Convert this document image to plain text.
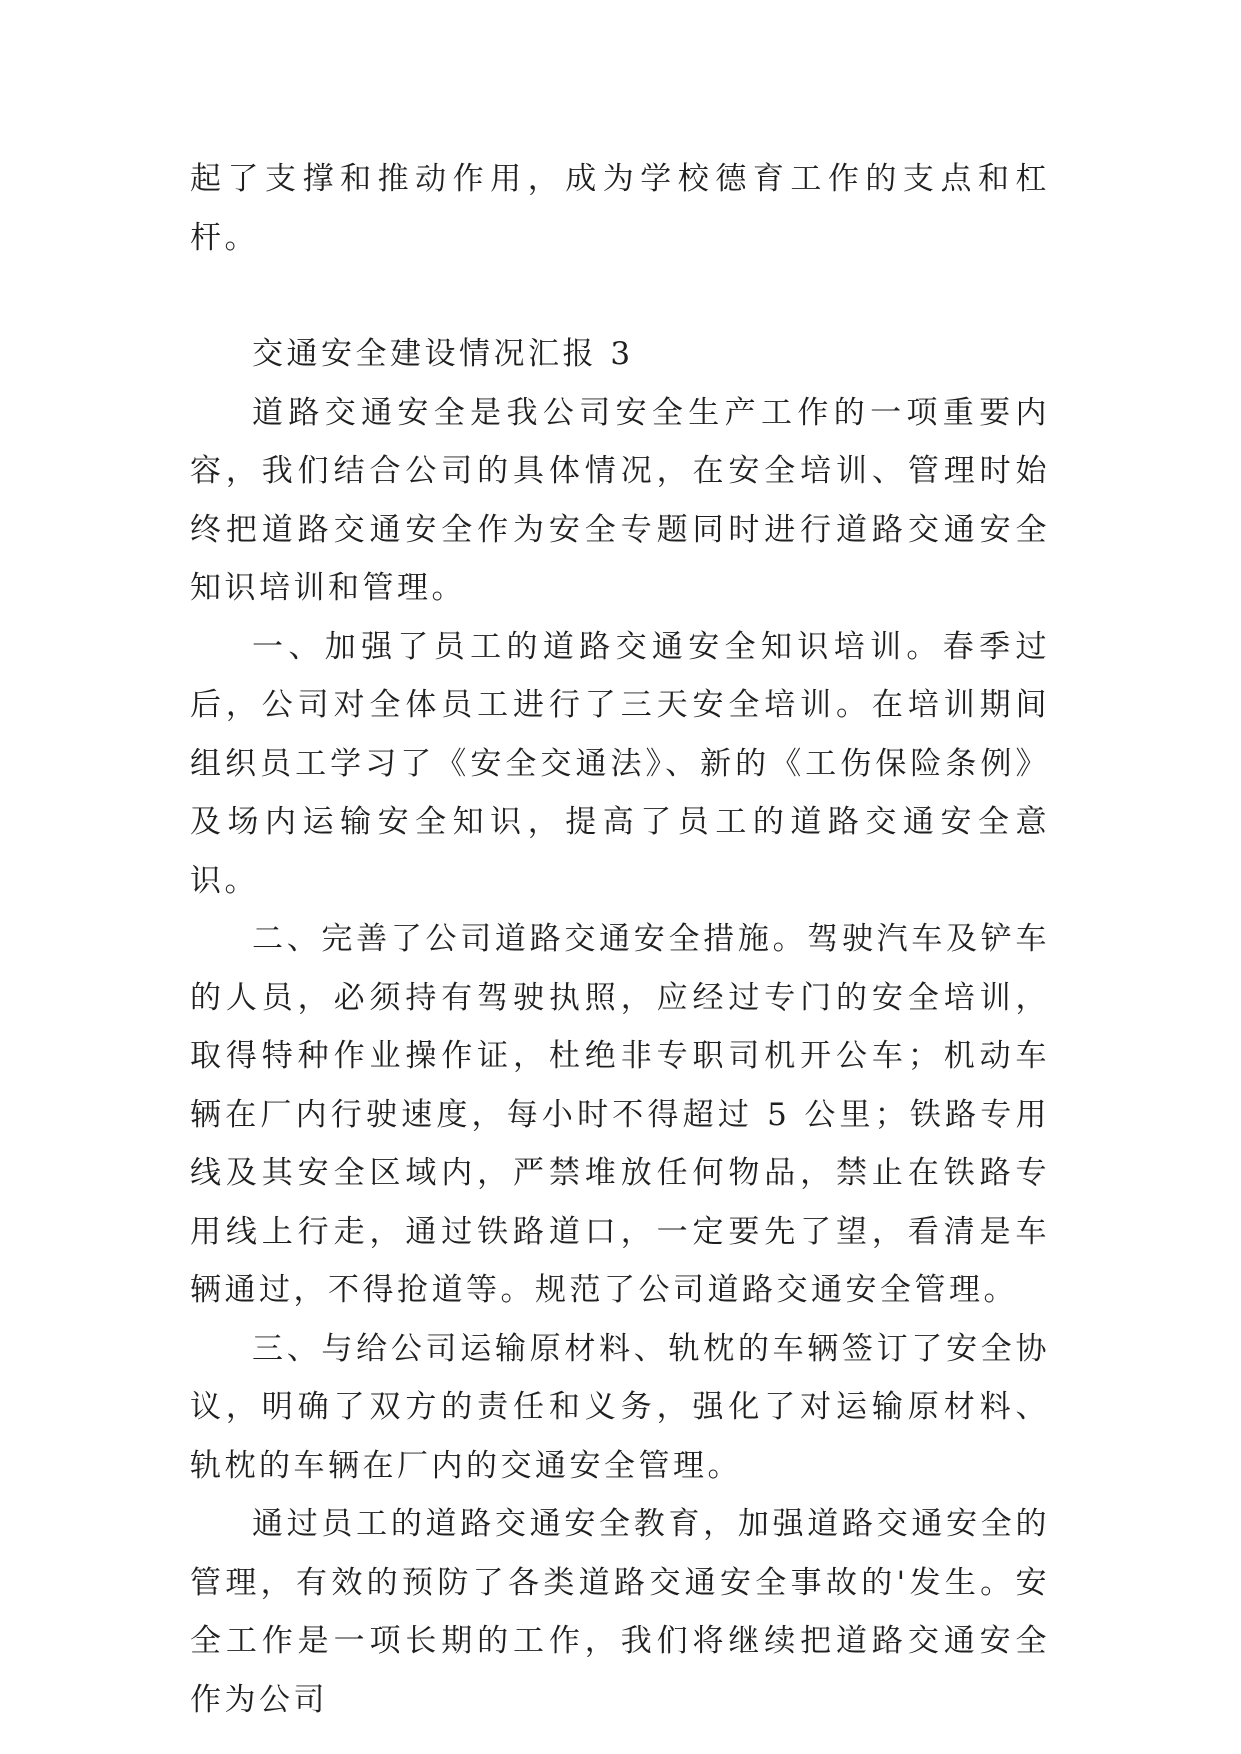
起了支撑和推动作用，成为学校德育工作的支点和杠杆。

交通安全建设情况汇报 3

道路交通安全是我公司安全生产工作的一项重要内容，我们结合公司的具体情况，在安全培训、管理时始终把道路交通安全作为安全专题同时进行道路交通安全知识培训和管理。

一、加强了员工的道路交通安全知识培训。春季过后，公司对全体员工进行了三天安全培训。在培训期间组织员工学习了《安全交通法》、新的《工伤保险条例》及场内运输安全知识，提高了员工的道路交通安全意识。

二、完善了公司道路交通安全措施。驾驶汽车及铲车的人员，必须持有驾驶执照，应经过专门的安全培训，取得特种作业操作证，杜绝非专职司机开公车；机动车辆在厂内行驶速度，每小时不得超过 5 公里；铁路专用线及其安全区域内，严禁堆放任何物品，禁止在铁路专用线上行走，通过铁路道口，一定要先了望，看清是车辆通过，不得抢道等。规范了公司道路交通安全管理。

三、与给公司运输原材料、轨枕的车辆签订了安全协议，明确了双方的责任和义务，强化了对运输原材料、轨枕的车辆在厂内的交通安全管理。

通过员工的道路交通安全教育，加强道路交通安全的管理，有效的预防了各类道路交通安全事故的'发生。安全工作是一项长期的工作，我们将继续把道路交通安全作为公司
